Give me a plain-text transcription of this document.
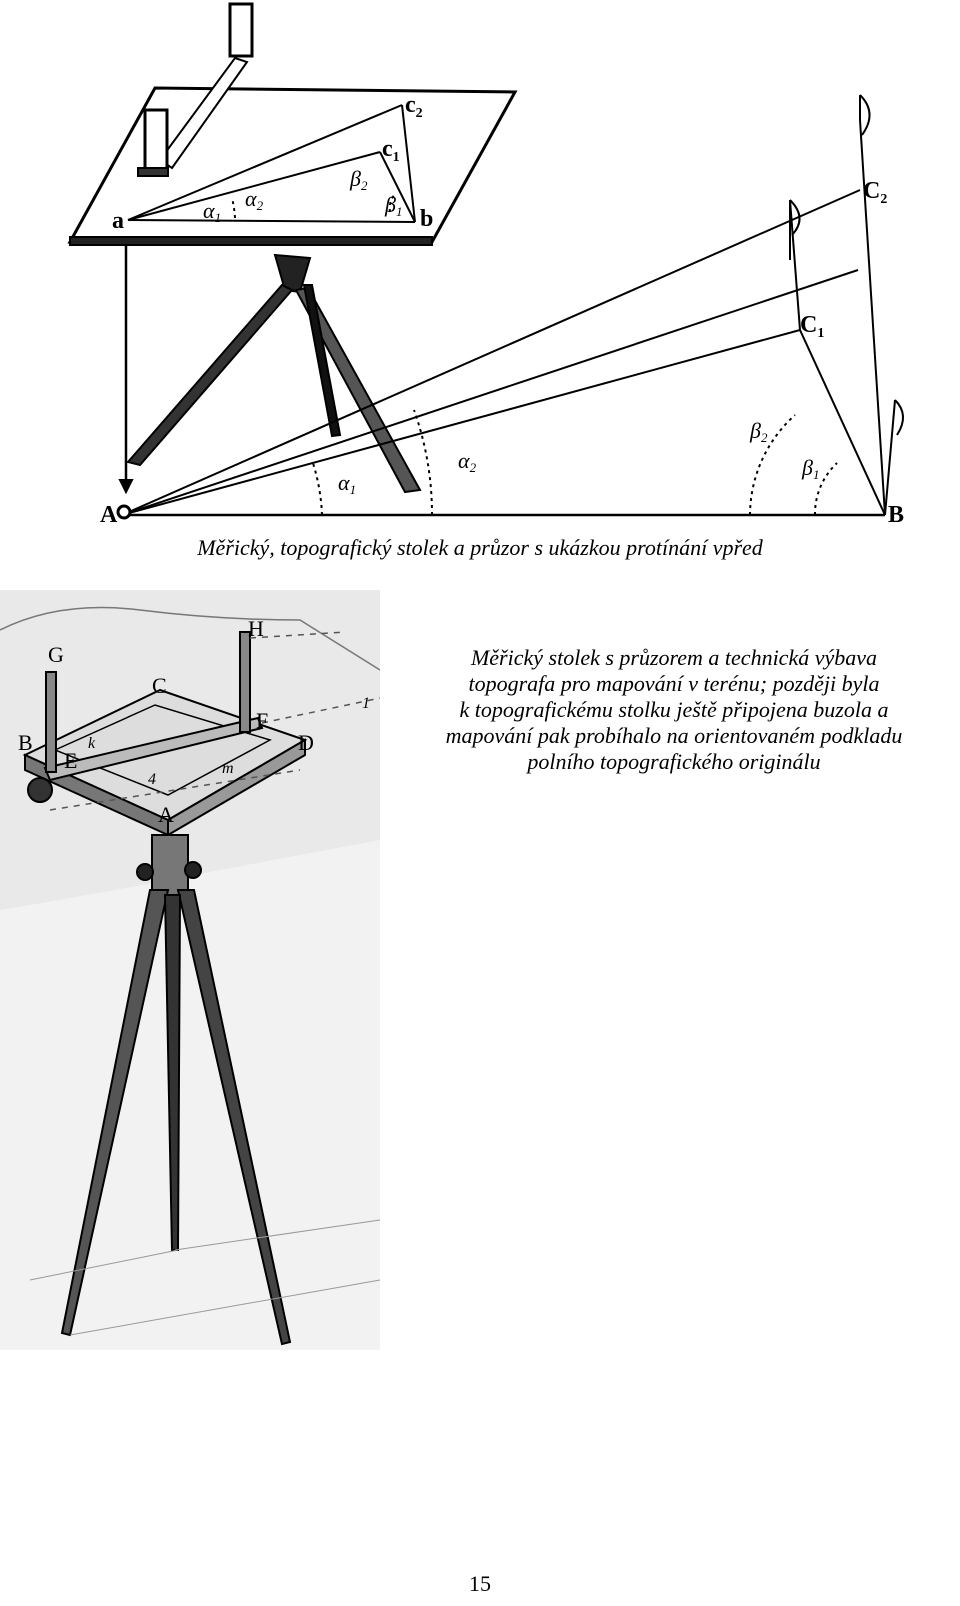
a	b
$c_2$
$c_1$
A	B
$C_1$
$C_2$
α1
α2
β2
β1
α1
α2
β2
β1
Měřický, topografický stolek a průzor s ukázkou protínání vpřed
G
H
C
B	D
F
E
A
k
m
4
1
Měřický stolek s průzorem a technická výbava
topografa pro mapování v terénu; později byla
k topografickému stolku ještě připojena buzola a
mapování pak probíhalo na orientovaném podkladu
polního topografického originálu
15
